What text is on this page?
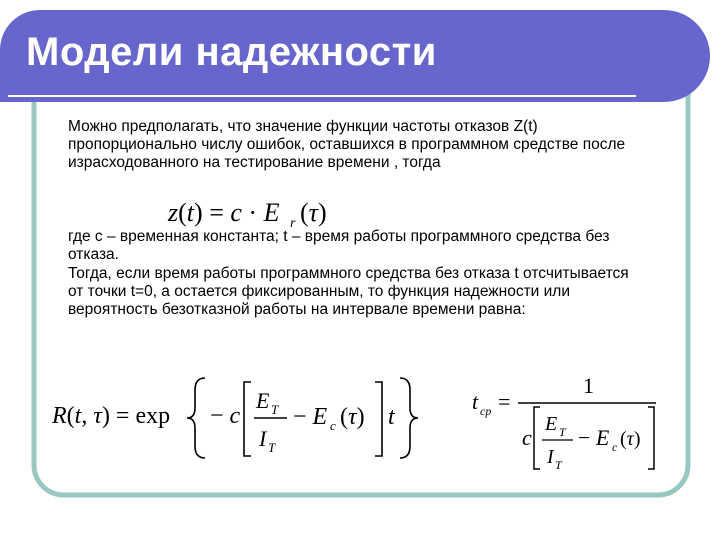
Модели надежности

Можно предполагать, что значение функции частоты отказов Z(t) пропорционально числу ошибок, оставшихся в программном средстве после израсходованного на тестирование времени , тогда

где c – временная константа; t – время работы программного средства без отказа.

Тогда, если время работы программного средства без отказа t отсчитывается от точки t=0, а остается фиксированным, то функция надежности или вероятность безотказной работы на интервале времени равна:

z(t) = c · E r (τ)
R(t, τ) = exp − c
E T
I T
− E c (τ) t
t cp =
1
c
E T
I T
− E c (τ)
